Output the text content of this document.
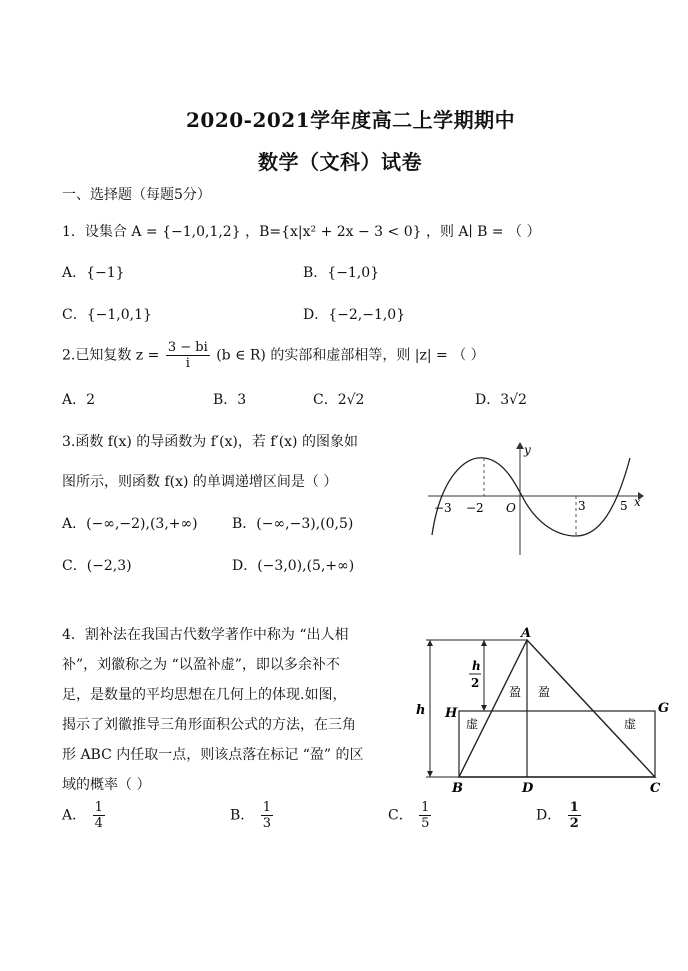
2020-2021学年度高二上学期期中
数学（文科）试卷
一、选择题（每题5分）
1．设集合 A = {−1,0,1,2} ，B={x|x² + 2x − 3 < 0} ，则 A∣ B = （ ）
A．{−1}	B．{−1,0}
C．{−1,0,1}	D．{−2,−1,0}
2.已知复数 $z = \frac{3 - bi}{i} (b$ ∈ R) 的实部和虚部相等，则 |z| = （ ）
A．2	B．3	C．2√2	D．3√2
3.函数 f(x) 的导函数为 f′(x)，若 f′(x) 的图象如
图所示，则函数 f(x) 的单调递增区间是（ ）
A．(−∞,−2),(3,+∞) B．(−∞,−3),(0,5)
C．(−2,3)	D．(−3,0),(5,+∞)
y
x
O
−3 −2	3	5
4．割补法在我国古代数学著作中称为 “出人相
补”，刘徽称之为 “以盈补虚”，即以多余补不
足，是数量的平均思想在几何上的体现.如图，
揭示了刘徽推导三角形面积公式的方法，在三角
形 ABC 内任取一点，则该点落在标记 “盈” 的区
域的概率（ ）
A． $\frac{1}{4}$	B． $\frac{1}{3}$	C． $\frac{1}{5}$	D． $\frac{1}{2}$
A
B	C
D
G
H
h
h
2
盈 盈
虚	虚
